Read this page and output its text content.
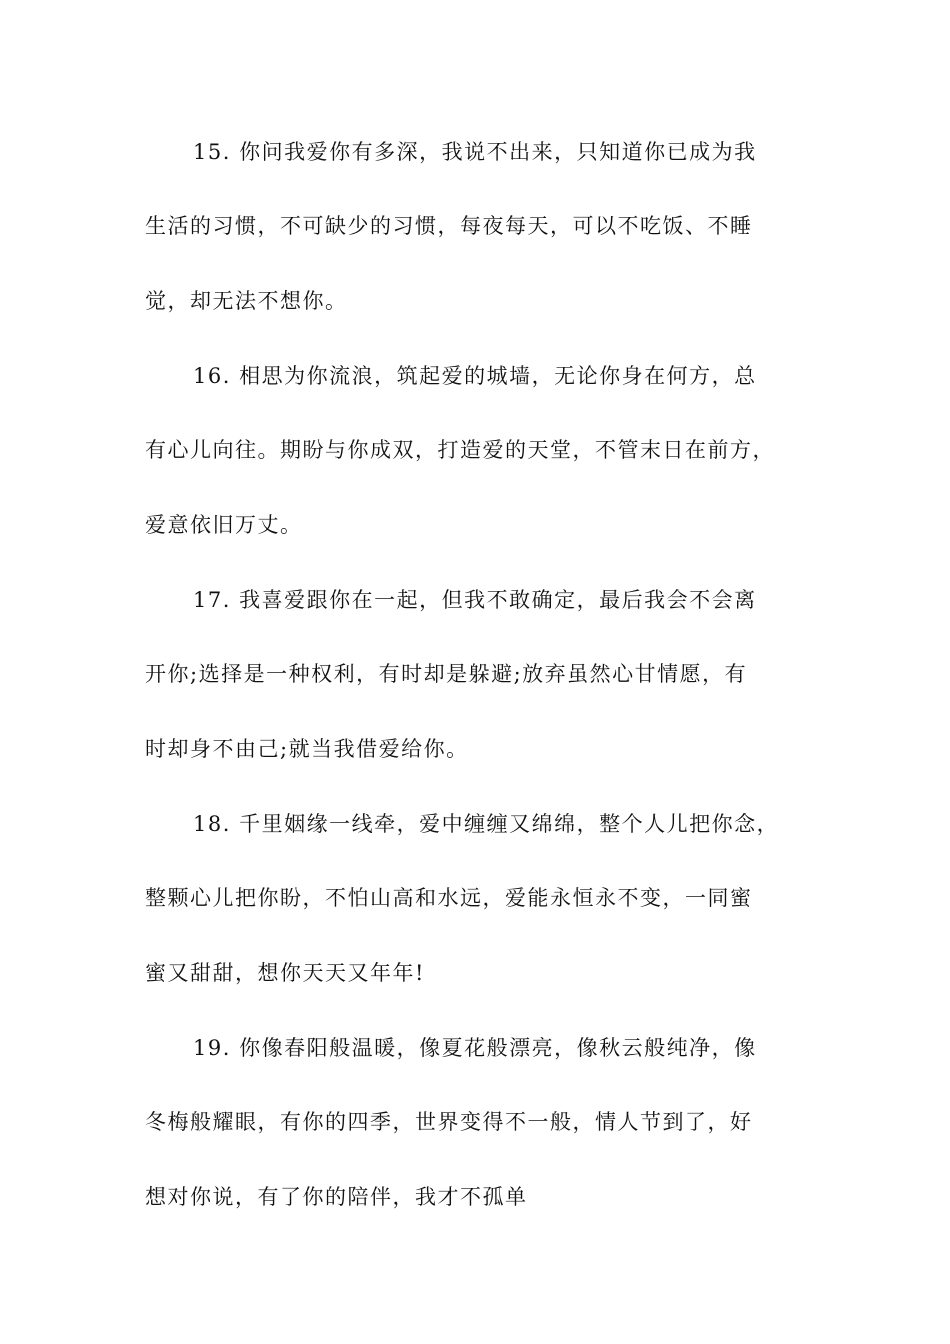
15. 你问我爱你有多深，我说不出来，只知道你已成为我

生活的习惯，不可缺少的习惯，每夜每天，可以不吃饭、不睡

觉，却无法不想你。

16. 相思为你流浪，筑起爱的城墙，无论你身在何方，总

有心儿向往。期盼与你成双，打造爱的天堂，不管末日在前方，

爱意依旧万丈。

17. 我喜爱跟你在一起，但我不敢确定，最后我会不会离

开你;选择是一种权利，有时却是躲避;放弃虽然心甘情愿，有

时却身不由己;就当我借爱给你。

18. 千里姻缘一线牵，爱中缠缠又绵绵，整个人儿把你念，

整颗心儿把你盼，不怕山高和水远，爱能永恒永不变，一同蜜

蜜又甜甜，想你天天又年年!

19. 你像春阳般温暖，像夏花般漂亮，像秋云般纯净，像

冬梅般耀眼，有你的四季，世界变得不一般，情人节到了，好

想对你说，有了你的陪伴，我才不孤单
